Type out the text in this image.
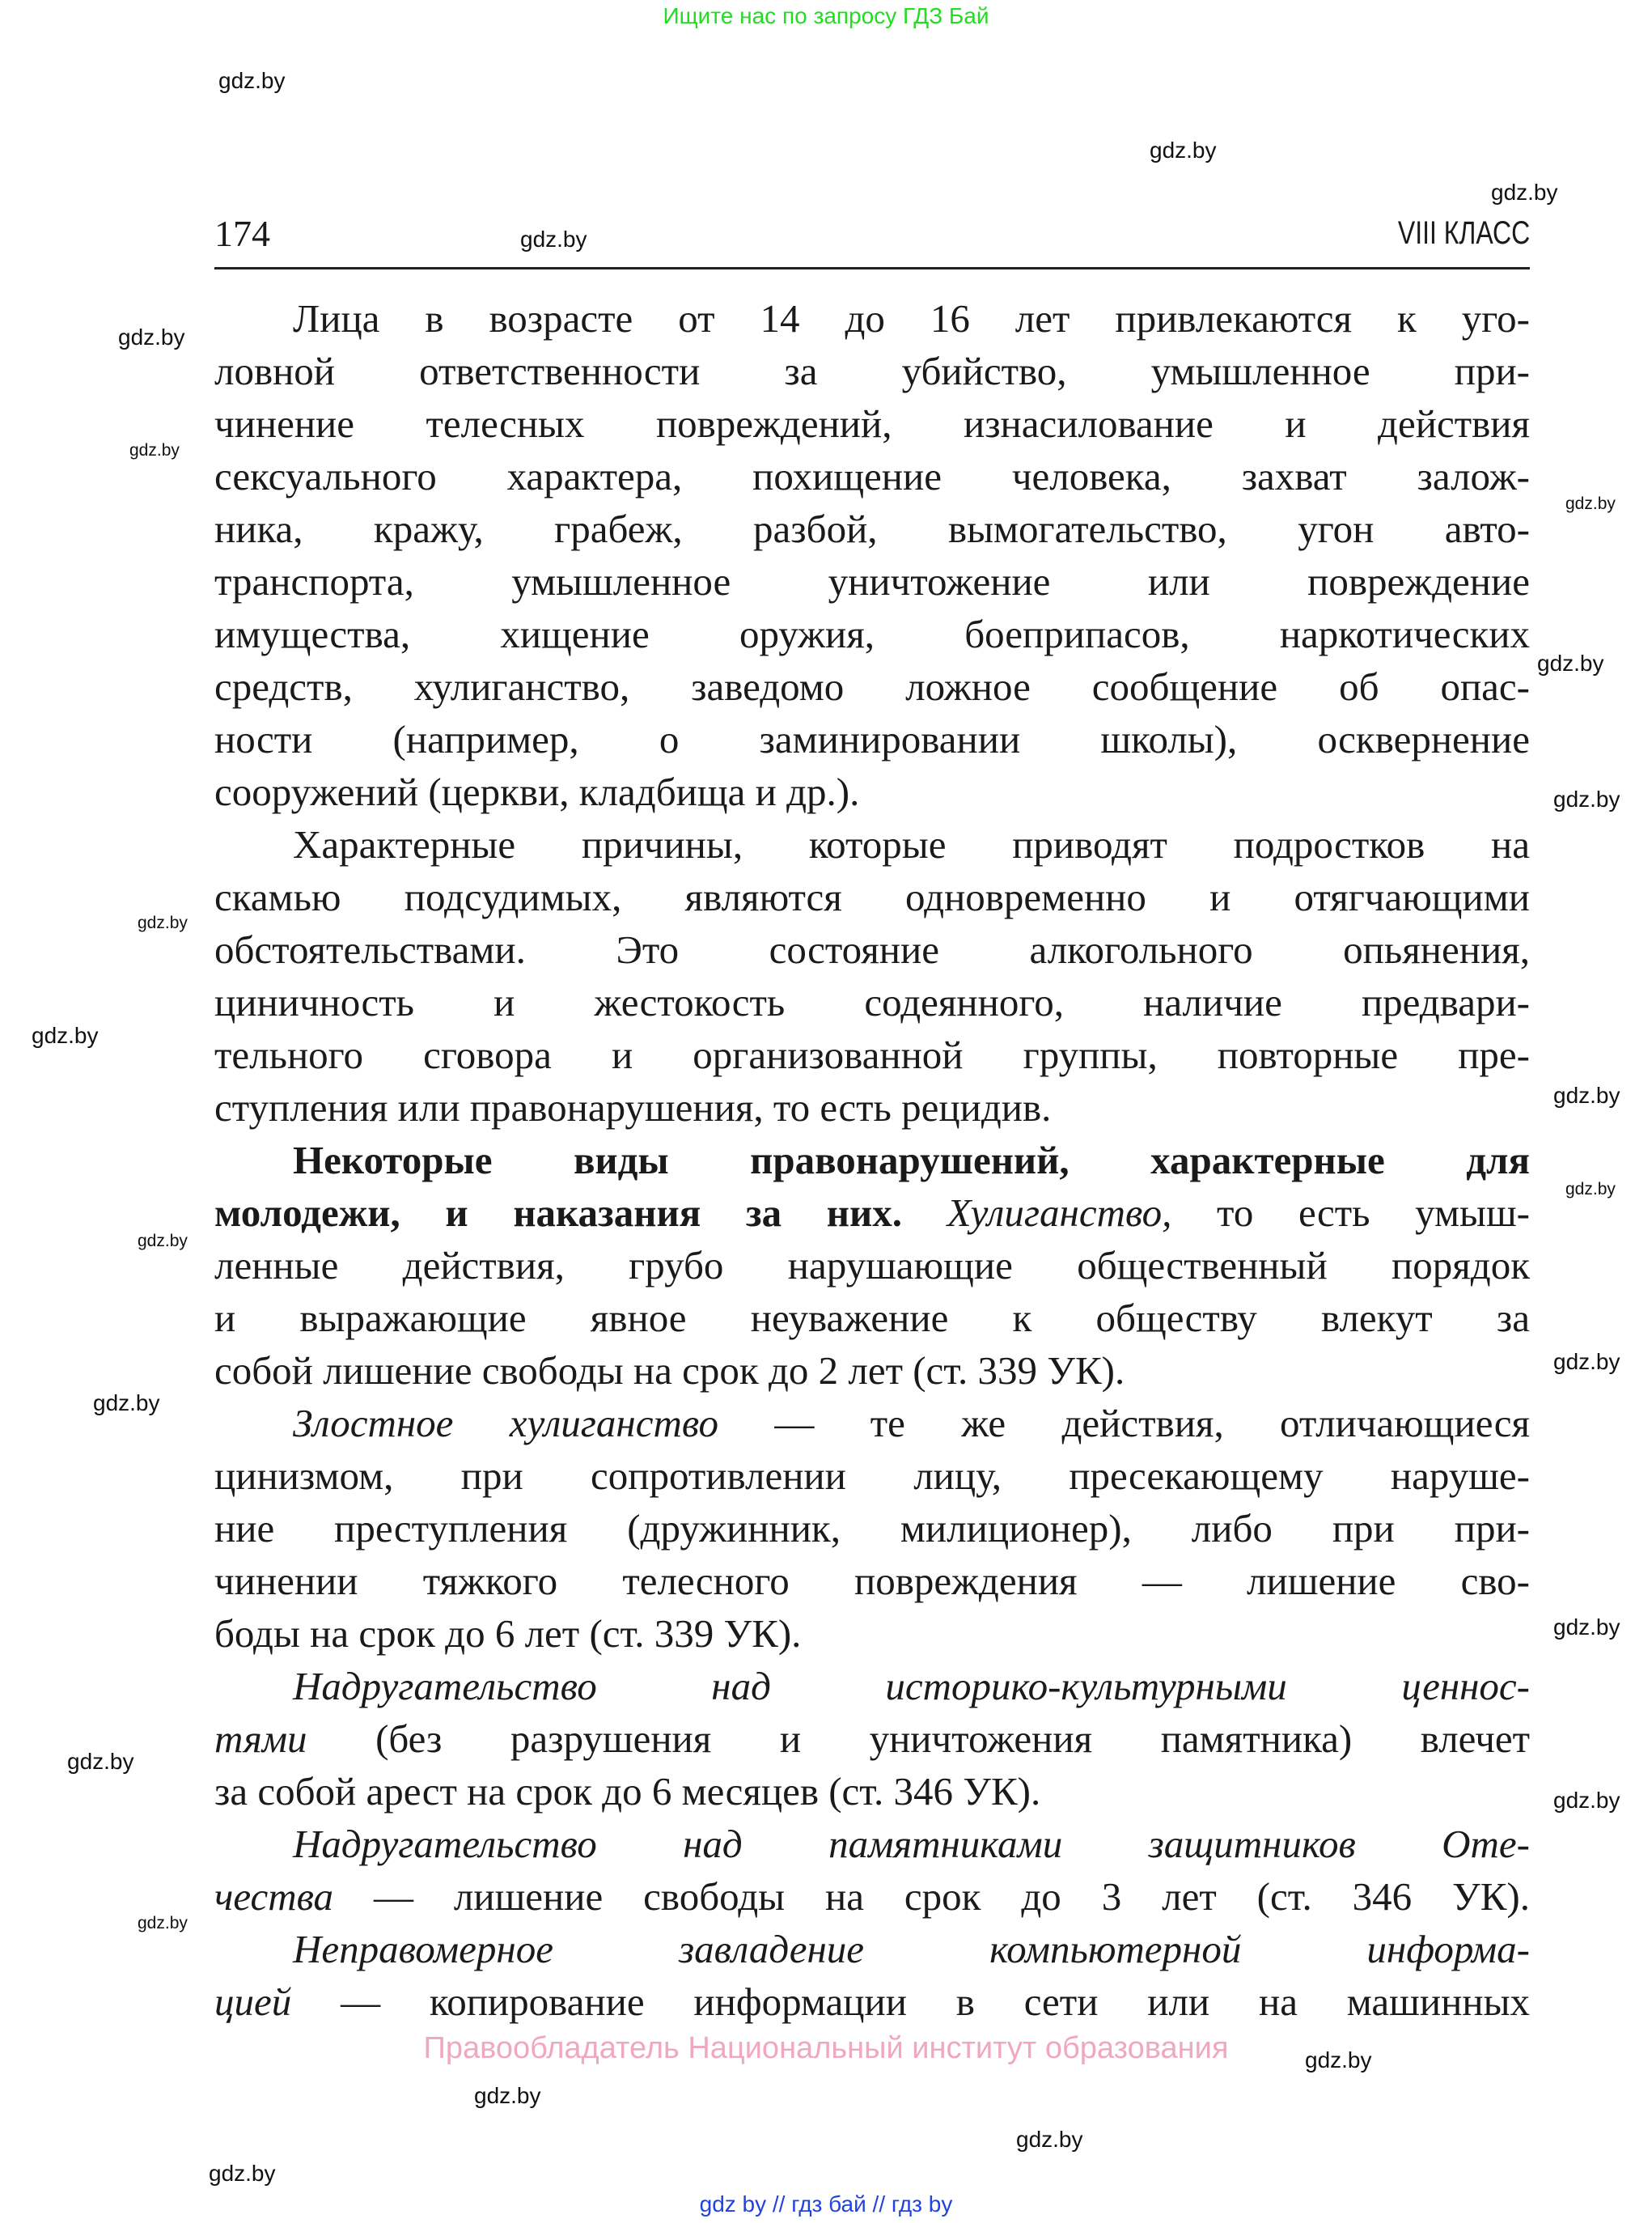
Ищите нас по запросу ГДЗ Бай
174	VIII КЛАСС
Лица в возрасте от 14 до 16 лет привлекаются к уго-
ловной ответственности за убийство, умышленное при-
чинение телесных повреждений, изнасилование и действия
сексуального характера, похищение человека, захват залож-
ника, кражу, грабеж, разбой, вымогательство, угон авто-
транспорта, умышленное уничтожение или повреждение
имущества, хищение оружия, боеприпасов, наркотических
средств, хулиганство, заведомо ложное сообщение об опас-
ности (например, о заминировании школы), осквернение
сооружений (церкви, кладбища и др.).
Характерные причины, которые приводят подростков на
скамью подсудимых, являются одновременно и отягчающими
обстоятельствами. Это состояние алкогольного опьянения,
циничность и жестокость содеянного, наличие предвари-
тельного сговора и организованной группы, повторные пре-
ступления или правонарушения, то есть рецидив.
Некоторые виды правонарушений, характерные для
молодежи, и наказания за них. Хулиганство, то есть умыш-
ленные действия, грубо нарушающие общественный порядок
и выражающие явное неуважение к обществу влекут за
собой лишение свободы на срок до 2 лет (ст. 339 УК).
Злостное хулиганство — те же действия, отличающиеся
цинизмом, при сопротивлении лицу, пресекающему наруше-
ние преступления (дружинник, милиционер), либо при при-
чинении тяжкого телесного повреждения — лишение сво-
боды на срок до 6 лет (ст. 339 УК).
Надругательство над историко-культурными ценнос-
тями (без разрушения и уничтожения памятника) влечет
за собой арест на срок до 6 месяцев (ст. 346 УК).
Надругательство над памятниками защитников Оте-
чества — лишение свободы на срок до 3 лет (ст. 346 УК).
Неправомерное завладение компьютерной информа-
цией — копирование информации в сети или на машинных
gdz.by
gdz.by
gdz.by
gdz.by
gdz.by
gdz.by
gdz.by
gdz.by
gdz.by
gdz.by
gdz.by
gdz.by
gdz.by
gdz.by
gdz.by
gdz.by
gdz.by
gdz.by
gdz.by
gdz.by
gdz.by
gdz.by
gdz.by
gdz.by
Правообладатель Национальный институт образования
gdz by // гдз бай // гдз by
